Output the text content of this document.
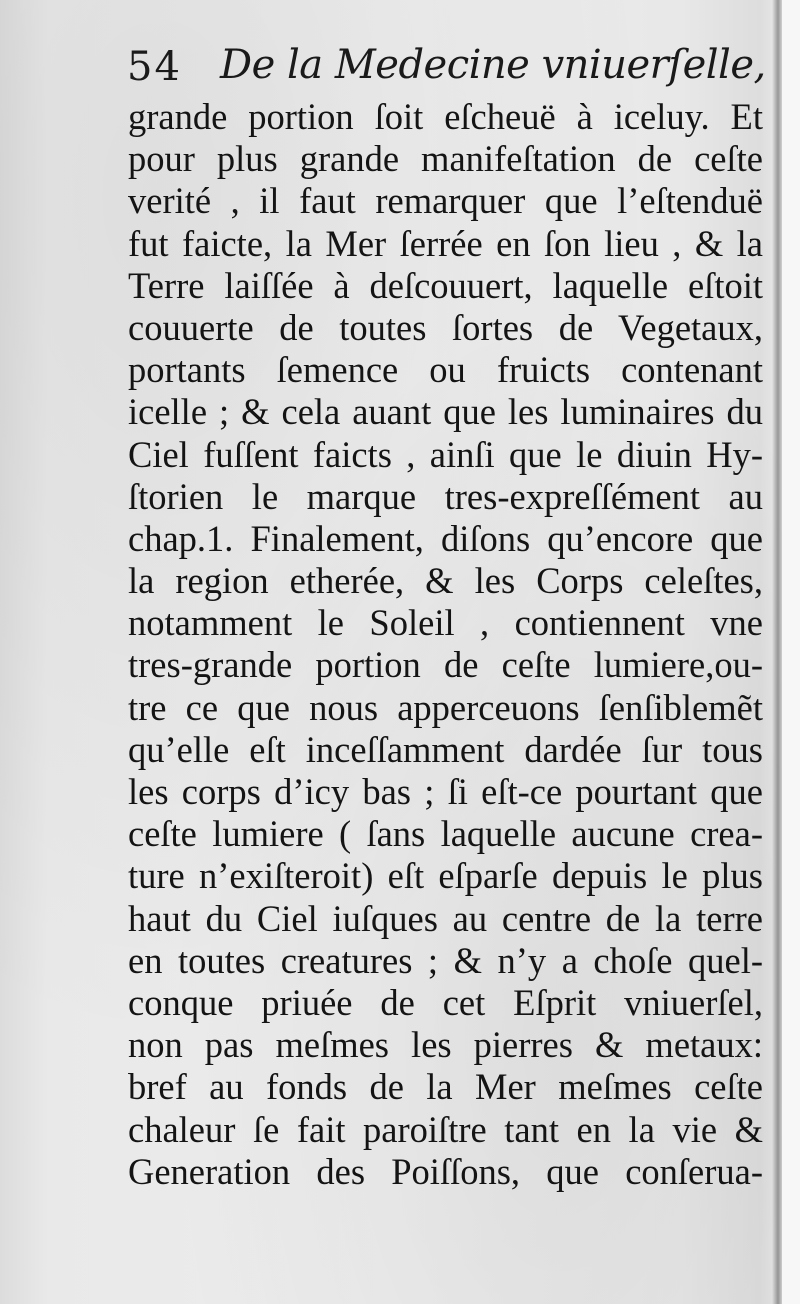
54 De la Medecine vniuerſelle,
grande portion ſoit eſcheuë à iceluy. Et
pour plus grande manifeſtation de ceſte
verité , il faut remarquer que l’eſtenduë
fut faicte, la Mer ſerrée en ſon lieu , & la
Terre laiſſée à deſcouuert, laquelle eſtoit
couuerte de toutes ſortes de Vegetaux,
portants ſemence ou fruicts contenant
icelle ; & cela auant que les luminaires du
Ciel fuſſent faicts , ainſi que le diuin Hy-
ſtorien le marque tres-expreſſément au
chap.1. Finalement, diſons qu’encore que
la region etherée, & les Corps celeſtes,
notamment le Soleil , contiennent vne
tres-grande portion de ceſte lumiere,ou-
tre ce que nous apperceuons ſenſiblemẽt
qu’elle eſt inceſſamment dardée ſur tous
les corps d’icy bas ; ſi eſt-ce pourtant que
ceſte lumiere ( ſans laquelle aucune crea-
ture n’exiſteroit) eſt eſparſe depuis le plus
haut du Ciel iuſques au centre de la terre
en toutes creatures ; & n’y a choſe quel-
conque priuée de cet Eſprit vniuerſel,
non pas meſmes les pierres & metaux:
bref au fonds de la Mer meſmes ceſte
chaleur ſe fait paroiſtre tant en la vie &
Generation des Poiſſons, que conſerua-
